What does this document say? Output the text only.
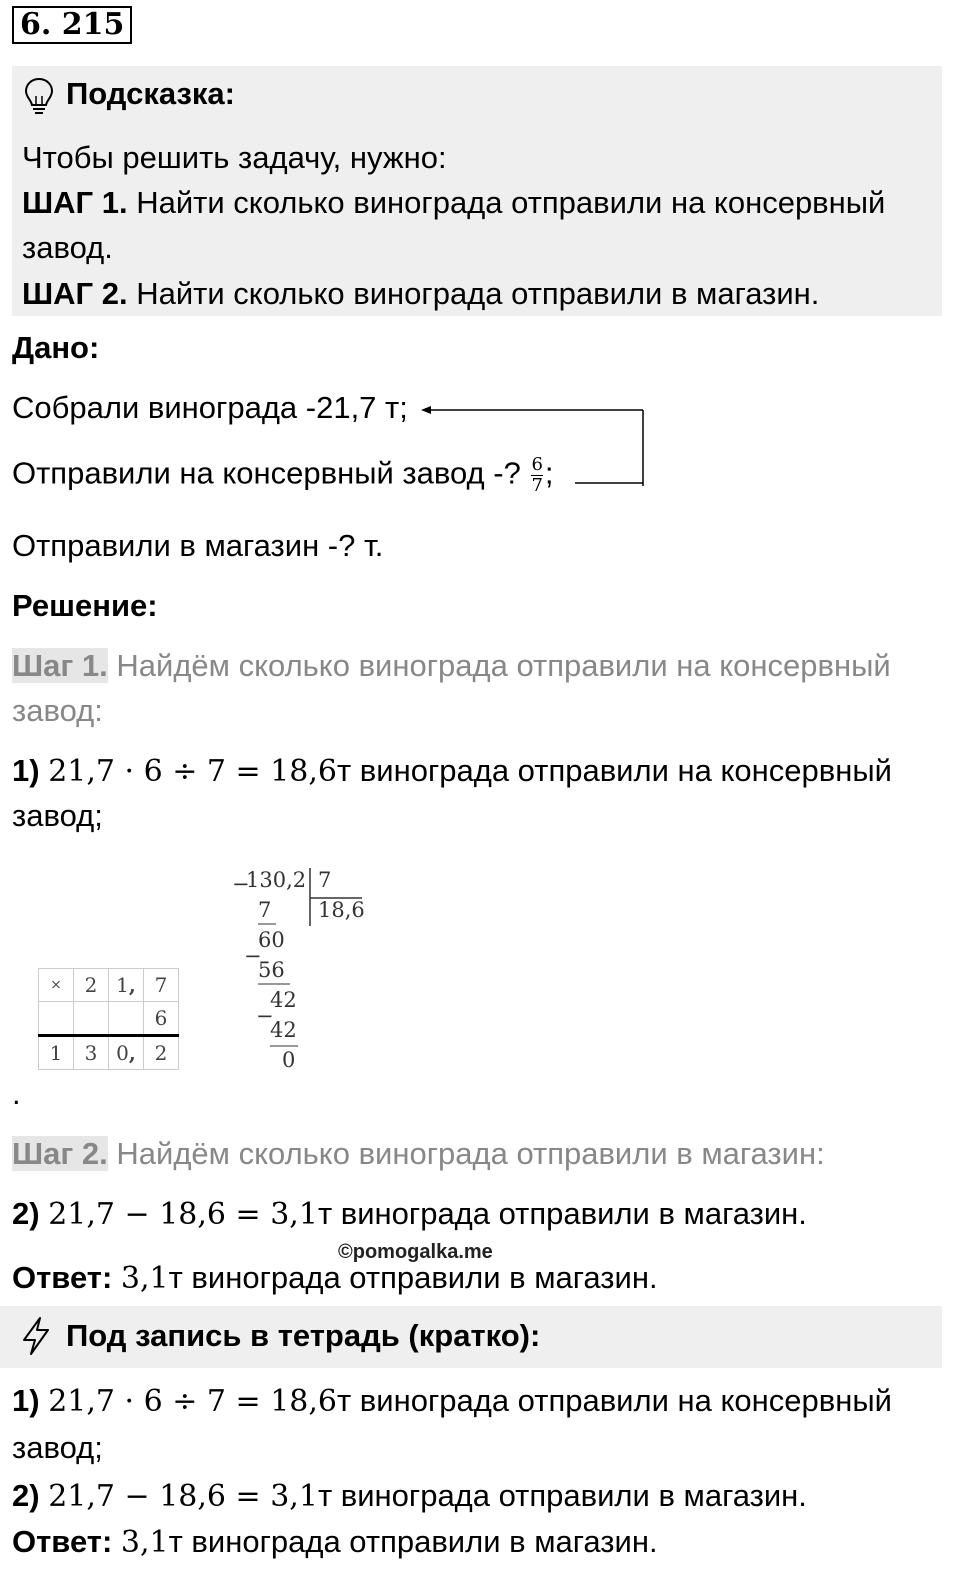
6. 215
Подсказка:
Чтобы решить задачу, нужно:
ШАГ 1. Найти сколько винограда отправили на консервный
завод.
ШАГ 2. Найти сколько винограда отправили в магазин.
Дано:
Собрали винограда -21,7 т;
Отправили на консервный завод -? $\frac{6}{7}$ ;
Отправили в магазин -? т.
Решение:
Шаг 1. Найдём сколько винограда отправили на консервный
завод:
1) 21,7 · 6 ÷ 7 = 18,6т винограда отправили на консервный
завод;
×	2	1,	7
			6
1	3	0,	2
−
130,2 7
18,6
7
60
−
56
42
−
42
0
.
Шаг 2. Найдём сколько винограда отправили в магазин:
2) 21,7 − 18,6 = 3,1т винограда отправили в магазин.
©pomogalka.me
Ответ: 3,1т винограда отправили в магазин.
Под запись в тетрадь (кратко):
1) 21,7 · 6 ÷ 7 = 18,6т винограда отправили на консервный
завод;
2) 21,7 − 18,6 = 3,1т винограда отправили в магазин.
Ответ: 3,1т винограда отправили в магазин.
